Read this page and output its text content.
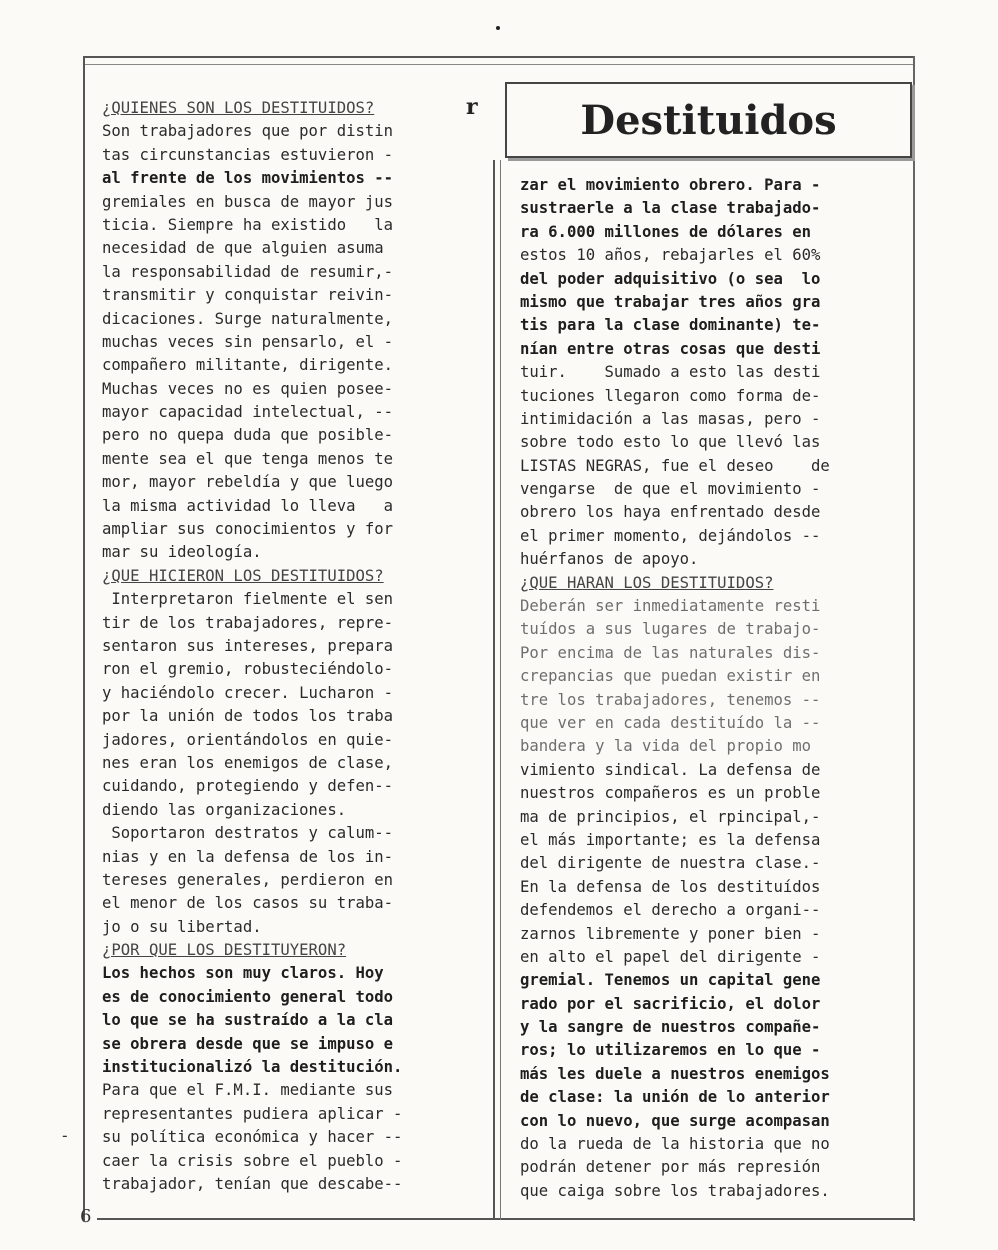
Destituidos
r
-
¿QUIENES SON LOS DESTITUIDOS?
Son trabajadores que por distin
tas circunstancias estuvieron -
al frente de los movimientos --
gremiales en busca de mayor jus
ticia. Siempre ha existido   la
necesidad de que alguien asuma
la responsabilidad de resumir,-
transmitir y conquistar reivin-
dicaciones. Surge naturalmente,
muchas veces sin pensarlo, el -
compañero militante, dirigente.
Muchas veces no es quien posee-
mayor capacidad intelectual, --
pero no quepa duda que posible-
mente sea el que tenga menos te
mor, mayor rebeldía y que luego
la misma actividad lo lleva   a
ampliar sus conocimientos y for
mar su ideología.
¿QUE HICIERON LOS DESTITUIDOS?
Interpretaron fielmente el sen
tir de los trabajadores, repre-
sentaron sus intereses, prepara
ron el gremio, robusteciéndolo-
y haciéndolo crecer. Lucharon -
por la unión de todos los traba
jadores, orientándolos en quie-
nes eran los enemigos de clase,
cuidando, protegiendo y defen--
diendo las organizaciones.
Soportaron destratos y calum--
nias y en la defensa de los in-
tereses generales, perdieron en
el menor de los casos su traba-
jo o su libertad.
¿POR QUE LOS DESTITUYERON?
Los hechos son muy claros. Hoy
es de conocimiento general todo
lo que se ha sustraído a la cla
se obrera desde que se impuso e
institucionalizó la destitución.
Para que el F.M.I. mediante sus
representantes pudiera aplicar -
su política económica y hacer --
caer la crisis sobre el pueblo -
trabajador, tenían que descabe--
zar el movimiento obrero. Para -
sustraerle a la clase trabajado-
ra 6.000 millones de dólares en
estos 10 años, rebajarles el 60%
del poder adquisitivo (o sea  lo
mismo que trabajar tres años gra
tis para la clase dominante) te-
nían entre otras cosas que desti
tuir.    Sumado a esto las desti
tuciones llegaron como forma de-
intimidación a las masas, pero -
sobre todo esto lo que llevó las
LISTAS NEGRAS, fue el deseo    de
vengarse  de que el movimiento -
obrero los haya enfrentado desde
el primer momento, dejándolos --
huérfanos de apoyo.
¿QUE HARAN LOS DESTITUIDOS?
Deberán ser inmediatamente resti
tuídos a sus lugares de trabajo-
Por encima de las naturales dis-
crepancias que puedan existir en
tre los trabajadores, tenemos --
que ver en cada destituído la --
bandera y la vida del propio mo
vimiento sindical. La defensa de
nuestros compañeros es un proble
ma de principios, el rpincipal,-
el más importante; es la defensa
del dirigente de nuestra clase.-
En la defensa de los destituídos
defendemos el derecho a organi--
zarnos libremente y poner bien -
en alto el papel del dirigente -
gremial. Tenemos un capital gene
rado por el sacrificio, el dolor
y la sangre de nuestros compañe-
ros; lo utilizaremos en lo que -
más les duele a nuestros enemigos
de clase: la unión de lo anterior
con lo nuevo, que surge acompasan
do la rueda de la historia que no
podrán detener por más represión
que caiga sobre los trabajadores.
6
